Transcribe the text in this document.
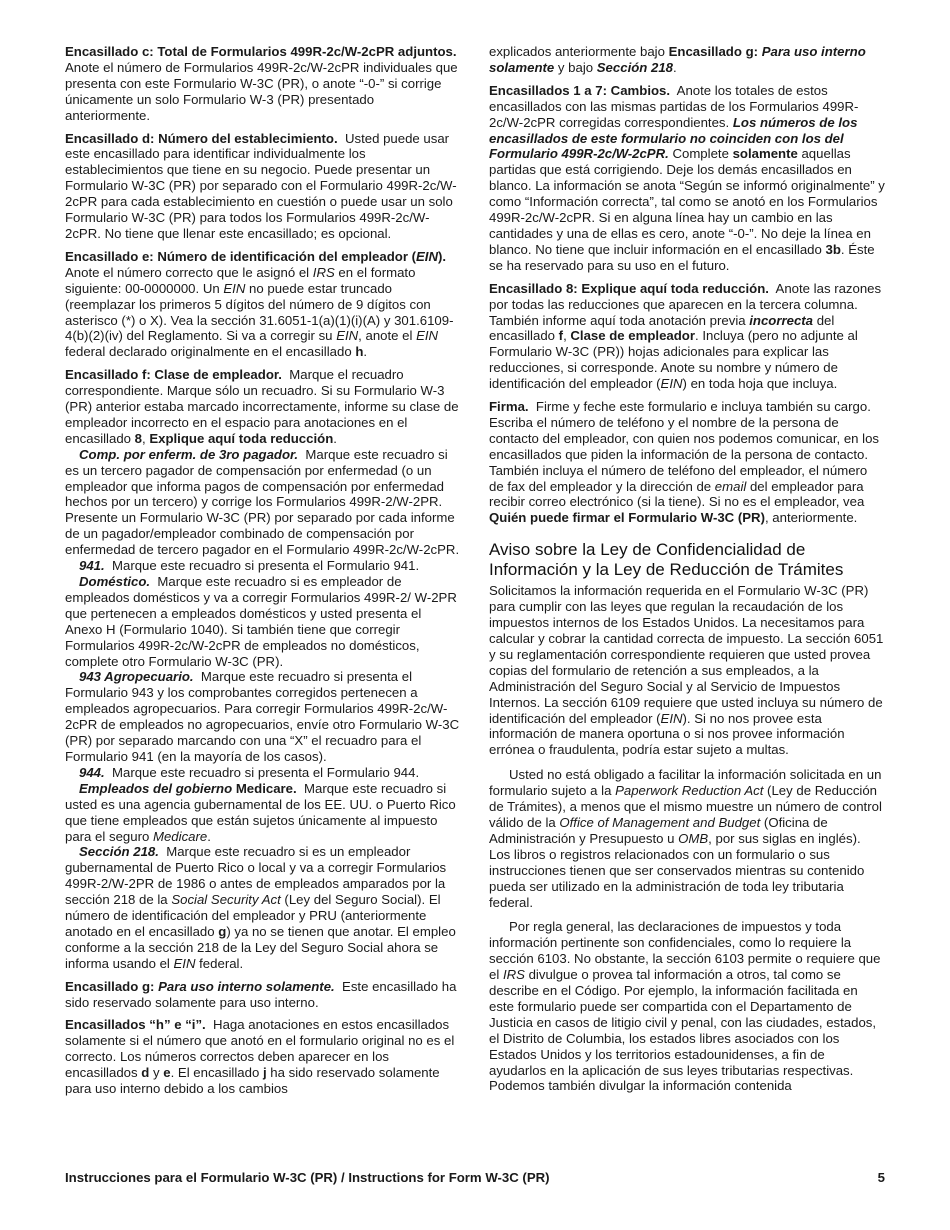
Encasillado c: Total de Formularios 499R-2c/W-2cPR adjuntos.  Anote el número de Formularios 499R-2c/W-2cPR individuales que presenta con este Formulario W-3C (PR), o anote “-0-” si corrige únicamente un solo Formulario W-3 (PR) presentado anteriormente.

Encasillado d: Número del establecimiento. Usted puede usar este encasillado para identificar individualmente los establecimientos que tiene en su negocio. Puede presentar un Formulario W-3C (PR) por separado con el Formulario 499R-2c/W-2cPR para cada establecimiento en cuestión o puede usar un solo Formulario W-3C (PR) para todos los Formularios 499R-2c/W-2cPR. No tiene que llenar este encasillado; es opcional.

Encasillado e: Número de identificación del empleador (EIN).  Anote el número correcto que le asignó el IRS en el formato siguiente: 00-0000000. Un EIN no puede estar truncado (reemplazar los primeros 5 dígitos del número de 9 dígitos con asterisco (*) o X). Vea la sección 31.6051-1(a)(1)(i)(A) y 301.6109-4(b)(2)(iv) del Reglamento. Si va a corregir su EIN, anote el EIN federal declarado originalmente en el encasillado h.

Encasillado f: Clase de empleador. Marque el recuadro correspondiente. Marque sólo un recuadro. Si su Formulario W-3 (PR) anterior estaba marcado incorrectamente, informe su clase de empleador incorrecto en el espacio para anotaciones en el encasillado 8, Explique aquí toda reducción.

Comp. por enferm. de 3ro pagador. Marque este recuadro si es un tercero pagador de compensación por enfermedad (o un empleador que informa pagos de compensación por enfermedad hechos por un tercero) y corrige los Formularios 499R-2/W-2PR. Presente un Formulario W-3C (PR) por separado por cada informe de un pagador/empleador combinado de compensación por enfermedad de tercero pagador en el Formulario 499R-2c/W-2cPR.

941. Marque este recuadro si presenta el Formulario 941.

Doméstico. Marque este recuadro si es empleador de empleados domésticos y va a corregir Formularios 499R-2/ W-2PR que pertenecen a empleados domésticos y usted presenta el Anexo H (Formulario 1040). Si también tiene que corregir Formularios 499R-2c/W-2cPR de empleados no domésticos, complete otro Formulario W-3C (PR).

943 Agropecuario. Marque este recuadro si presenta el Formulario 943 y los comprobantes corregidos pertenecen a empleados agropecuarios. Para corregir Formularios 499R-2c/W-2cPR de empleados no agropecuarios, envíe otro Formulario W-3C (PR) por separado marcando con una “X” el recuadro para el Formulario 941 (en la mayoría de los casos).

944. Marque este recuadro si presenta el Formulario 944.

Empleados del gobierno Medicare. Marque este recuadro si usted es una agencia gubernamental de los EE. UU. o Puerto Rico que tiene empleados que están sujetos únicamente al impuesto para el seguro Medicare.

Sección 218. Marque este recuadro si es un empleador gubernamental de Puerto Rico o local y va a corregir Formularios 499R-2/W-2PR de 1986 o antes de empleados amparados por la sección 218 de la Social Security Act (Ley del Seguro Social). El número de identificación del empleador y PRU (anteriormente anotado en el encasillado g) ya no se tienen que anotar. El empleo conforme a la sección 218 de la Ley del Seguro Social ahora se informa usando el EIN federal.

Encasillado g: Para uso interno solamente. Este encasillado ha sido reservado solamente para uso interno.

Encasillados “h” e “i”. Haga anotaciones en estos encasillados solamente si el número que anotó en el formulario original no es el correcto. Los números correctos deben aparecer en los encasillados d y e. El encasillado j ha sido reservado solamente para uso interno debido a los cambios

explicados anteriormente bajo Encasillado g: Para uso interno solamente y bajo Sección 218.

Encasillados 1 a 7: Cambios. Anote los totales de estos encasillados con las mismas partidas de los Formularios 499R-2c/W-2cPR corregidas correspondientes. Los números de los encasillados de este formulario no coinciden con los del Formulario 499R-2c/W-2cPR. Complete solamente aquellas partidas que está corrigiendo. Deje los demás encasillados en blanco. La información se anota “Según se informó originalmente” y como “Información correcta”, tal como se anotó en los Formularios 499R-2c/W-2cPR. Si en alguna línea hay un cambio en las cantidades y una de ellas es cero, anote “-0-”. No deje la línea en blanco. No tiene que incluir información en el encasillado 3b. Éste se ha reservado para su uso en el futuro.

Encasillado 8: Explique aquí toda reducción. Anote las razones por todas las reducciones que aparecen en la tercera columna. También informe aquí toda anotación previa incorrecta del encasillado f, Clase de empleador. Incluya (pero no adjunte al Formulario W-3C (PR)) hojas adicionales para explicar las reducciones, si corresponde. Anote su nombre y número de identificación del empleador (EIN) en toda hoja que incluya.

Firma. Firme y feche este formulario e incluya también su cargo. Escriba el número de teléfono y el nombre de la persona de contacto del empleador, con quien nos podemos comunicar, en los encasillados que piden la información de la persona de contacto. También incluya el número de teléfono del empleador, el número de fax del empleador y la dirección de email del empleador para recibir correo electrónico (si la tiene). Si no es el empleador, vea Quién puede firmar el Formulario W-3C (PR), anteriormente.

Aviso sobre la Ley de Confidencialidad de Información y la Ley de Reducción de Trámites

Solicitamos la información requerida en el Formulario W-3C (PR) para cumplir con las leyes que regulan la recaudación de los impuestos internos de los Estados Unidos. La necesitamos para calcular y cobrar la cantidad correcta de impuesto. La sección 6051 y su reglamentación correspondiente requieren que usted provea copias del formulario de retención a sus empleados, a la Administración del Seguro Social y al Servicio de Impuestos Internos. La sección 6109 requiere que usted incluya su número de identificación del empleador (EIN). Si no nos provee esta información de manera oportuna o si nos provee información errónea o fraudulenta, podría estar sujeto a multas.

Usted no está obligado a facilitar la información solicitada en un formulario sujeto a la Paperwork Reduction Act (Ley de Reducción de Trámites), a menos que el mismo muestre un número de control válido de la Office of Management and Budget (Oficina de Administración y Presupuesto u OMB, por sus siglas en inglés). Los libros o registros relacionados con un formulario o sus instrucciones tienen que ser conservados mientras su contenido pueda ser utilizado en la administración de toda ley tributaria federal.

Por regla general, las declaraciones de impuestos y toda información pertinente son confidenciales, como lo requiere la sección 6103. No obstante, la sección 6103 permite o requiere que el IRS divulgue o provea tal información a otros, tal como se describe en el Código. Por ejemplo, la información facilitada en este formulario puede ser compartida con el Departamento de Justicia en casos de litigio civil y penal, con las ciudades, estados, el Distrito de Columbia, los estados libres asociados con los Estados Unidos y los territorios estadounidenses, a fin de ayudarlos en la aplicación de sus leyes tributarias respectivas. Podemos también divulgar la información contenida

Instrucciones para el Formulario W-3C (PR) / Instructions for Form W-3C (PR)	5
